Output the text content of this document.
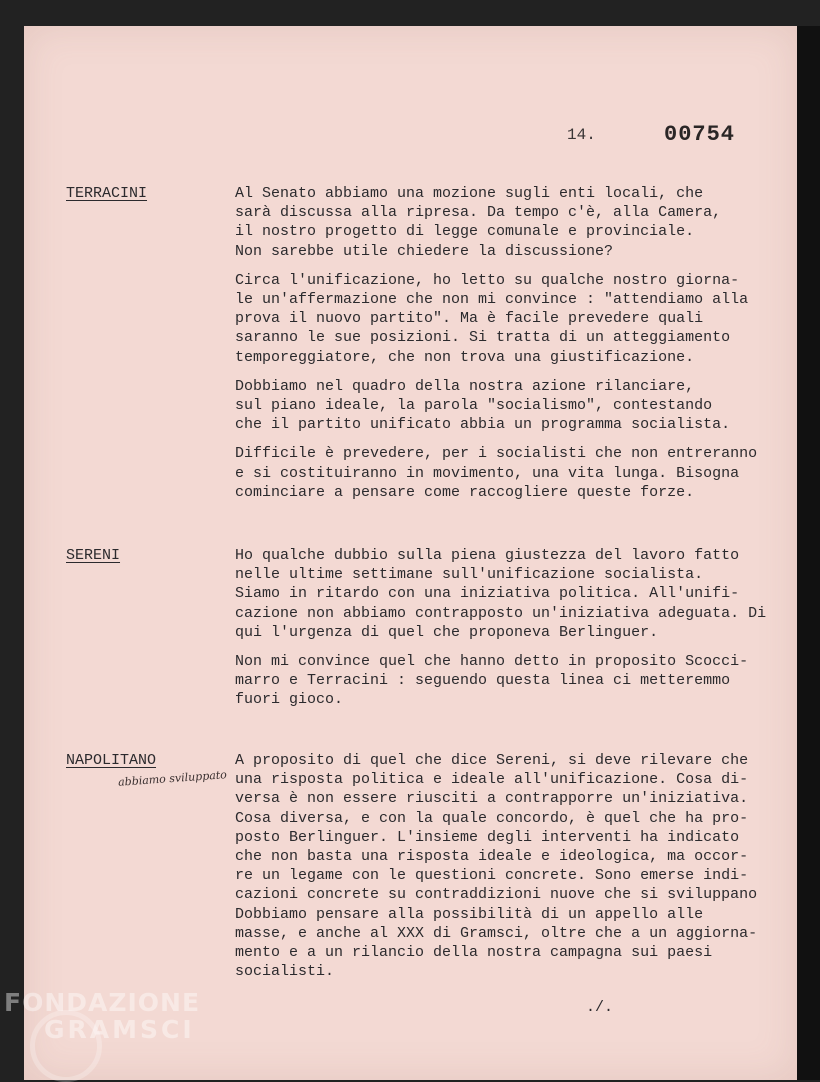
14.	00754
TERRACINI	Al Senato abbiamo una mozione sugli enti locali, che
sarà discussa alla ripresa. Da tempo c'è, alla Camera,
il nostro progetto di legge comunale e provinciale.
Non sarebbe utile chiedere la discussione?

Circa l'unificazione, ho letto su qualche nostro giorna-
le un'affermazione che non mi convince : "attendiamo alla
prova il nuovo partito". Ma è facile prevedere quali
saranno le sue posizioni. Si tratta di un atteggiamento
temporeggiatore, che non trova una giustificazione.

Dobbiamo nel quadro della nostra azione rilanciare,
sul piano ideale, la parola "socialismo", contestando
che il partito unificato abbia un programma socialista.

Difficile è prevedere, per i socialisti che non entreranno
e si costituiranno in movimento, una vita lunga. Bisogna
cominciare a pensare come raccogliere queste forze.

SERENI	Ho qualche dubbio sulla piena giustezza del lavoro fatto
nelle ultime settimane sull'unificazione socialista.
Siamo in ritardo con una iniziativa politica. All'unifi-
cazione non abbiamo contrapposto un'iniziativa adeguata. Di
qui l'urgenza di quel che proponeva Berlinguer.

Non mi convince quel che hanno detto in proposito Scocci-
marro e Terracini : seguendo questa linea ci metteremmo
fuori gioco.

NAPOLITANO	A proposito di quel che dice Sereni, si deve rilevare che
una risposta politica e ideale all'unificazione. Cosa di-
versa è non essere riusciti a contrapporre un'iniziativa.
Cosa diversa, e con la quale concordo, è quel che ha pro-
posto Berlinguer. L'insieme degli interventi ha indicato
che non basta una risposta ideale e ideologica, ma occor-
re un legame con le questioni concrete. Sono emerse indi-
cazioni concrete su contraddizioni nuove che si sviluppano
Dobbiamo pensare alla possibilità di un appello alle
masse, e anche al XXX di Gramsci, oltre che a un aggiorna-
mento e a un rilancio della nostra campagna sui paesi
socialisti.

./.
abbiamo sviluppato
FONDAZIONE
GRAMSCI
